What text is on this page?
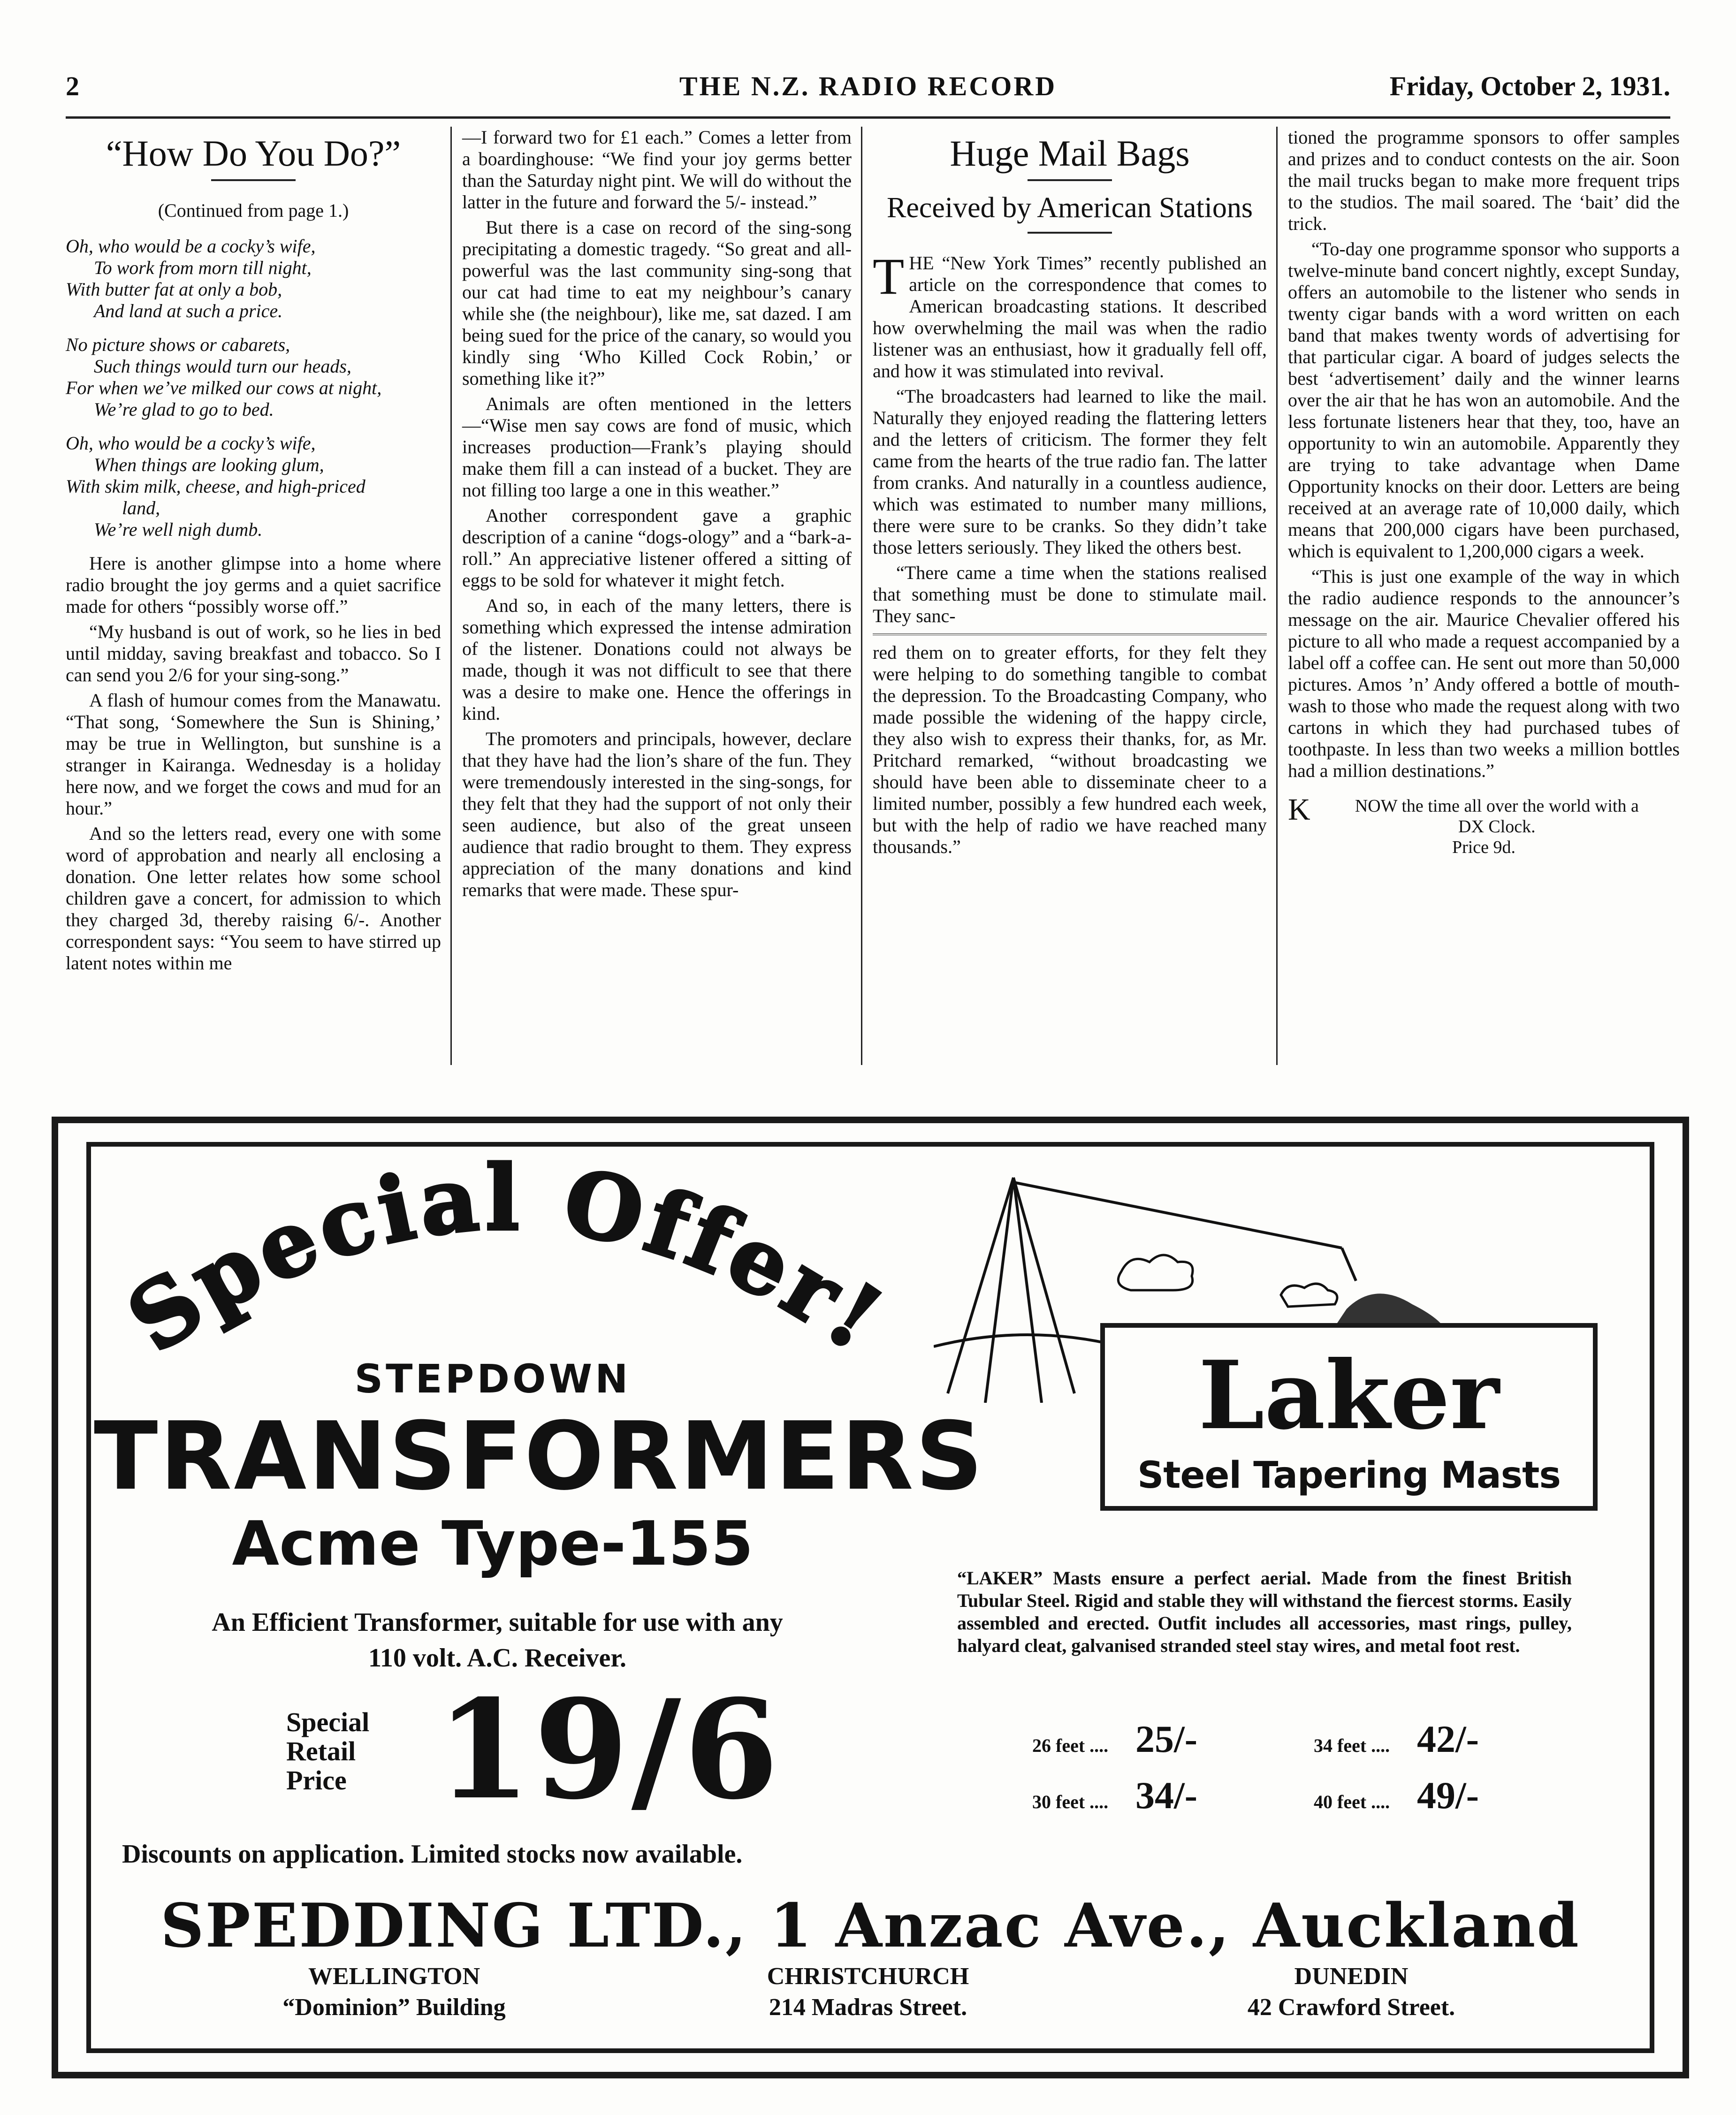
2	THE N.Z. RADIO RECORD	Friday, October 2, 1931.
“How Do You Do?”
(Continued from page 1.)
Oh, who would be a cocky’s wife,
To work from morn till night,
With butter fat at only a bob,
And land at such a price.
No picture shows or cabarets,
Such things would turn our heads,
For when we’ve milked our cows at night,
We’re glad to go to bed.
Oh, who would be a cocky’s wife,
When things are looking glum,
With skim milk, cheese, and high-priced
land,
We’re well nigh dumb.

Here is another glimpse into a home where radio brought the joy germs and a quiet sacrifice made for others “possibly worse off.”

“My husband is out of work, so he lies in bed until midday, saving breakfast and tobacco. So I can send you 2/6 for your sing-song.”

A flash of humour comes from the Manawatu. “That song, ‘Somewhere the Sun is Shining,’ may be true in Wellington, but sunshine is a stranger in Kairanga. Wednesday is a holiday here now, and we forget the cows and mud for an hour.”

And so the letters read, every one with some word of approbation and nearly all enclosing a donation. One letter relates how some school children gave a concert, for admission to which they charged 3d, thereby raising 6/-. Another correspondent says: “You seem to have stirred up latent notes within me

—I forward two for £1 each.” Comes a letter from a boardinghouse: “We find your joy germs better than the Saturday night pint. We will do without the latter in the future and forward the 5/- instead.”

But there is a case on record of the sing-song precipitating a domestic tragedy. “So great and all-powerful was the last community sing-song that our cat had time to eat my neighbour’s canary while she (the neighbour), like me, sat dazed. I am being sued for the price of the canary, so would you kindly sing ‘Who Killed Cock Robin,’ or something like it?”

Animals are often mentioned in the letters—“Wise men say cows are fond of music, which increases production—Frank’s playing should make them fill a can instead of a bucket. They are not filling too large a one in this weather.”

Another correspondent gave a graphic description of a canine “dogs-ology” and a “bark-a-roll.” An appreciative listener offered a sitting of eggs to be sold for whatever it might fetch.

And so, in each of the many letters, there is something which expressed the intense admiration of the listener. Donations could not always be made, though it was not difficult to see that there was a desire to make one. Hence the offerings in kind.

The promoters and principals, however, declare that they have had the lion’s share of the fun. They were tremendously interested in the sing-songs, for they felt that they had the support of not only their seen audience, but also of the great unseen audience that radio brought to them. They express appreciation of the many donations and kind remarks that were made. These spur-

Huge Mail Bags
Received by American Stations

THE “New York Times” recently published an article on the correspondence that comes to American broadcasting stations. It described how overwhelming the mail was when the radio listener was an enthusiast, how it gradually fell off, and how it was stimulated into revival.

“The broadcasters had learned to like the mail. Naturally they enjoyed reading the flattering letters and the letters of criticism. The former they felt came from the hearts of the true radio fan. The latter from cranks. And naturally in a countless audience, which was estimated to number many millions, there were sure to be cranks. So they didn’t take those letters seriously. They liked the others best.

“There came a time when the stations realised that something must be done to stimulate mail. They sanc-

red them on to greater efforts, for they felt they were helping to do something tangible to combat the depression. To the Broadcasting Company, who made possible the widening of the happy circle, they also wish to express their thanks, for, as Mr. Pritchard remarked, “without broadcasting we should have been able to disseminate cheer to a limited number, possibly a few hundred each week, but with the help of radio we have reached many thousands.”

tioned the programme sponsors to offer samples and prizes and to conduct contests on the air. Soon the mail trucks began to make more frequent trips to the studios. The mail soared. The ‘bait’ did the trick.

“To-day one programme sponsor who supports a twelve-minute band concert nightly, except Sunday, offers an automobile to the listener who sends in twenty cigar bands with a word written on each band that makes twenty words of advertising for that particular cigar. A board of judges selects the best ‘advertisement’ daily and the winner learns over the air that he has won an automobile. And the less fortunate listeners hear that they, too, have an opportunity to win an automobile. Apparently they are trying to take advantage when Dame Opportunity knocks on their door. Letters are being received at an average rate of 10,000 daily, which means that 200,000 cigars have been purchased, which is equivalent to 1,200,000 cigars a week.

“This is just one example of the way in which the radio audience responds to the announcer’s message on the air. Maurice Chevalier offered his picture to all who made a request accompanied by a label off a coffee can. He sent out more than 50,000 pictures. Amos ’n’ Andy offered a bottle of mouth-wash to those who made the request along with two cartons in which they had purchased tubes of toothpaste. In less than two weeks a million bottles had a million destinations.”

K	NOW the time all over the world with a
DX Clock.
Price 9d.
pecial Offer
STEPDOWN
TRANSFORMERS
Acme Type-155
An Efficient Transformer, suitable for use with any
110 volt. A.C. Receiver.
Special
Retail
Price 19/6
Discounts on application. Limited stocks now available.
Laker
Steel Tapering Masts
“LAKER” Masts ensure a perfect aerial. Made from the finest British Tubular Steel. Rigid and stable they will withstand the fiercest storms. Easily assembled and erected. Outfit includes all accessories, mast rings, pulley, halyard cleat, galvanised stranded steel stay wires, and metal foot rest.
26 feet .... 25/-	34 feet .... 42/-
30 feet .... 34/-	40 feet .... 49/-
SPEDDING LTD., 1 Anzac Ave., Auckland
WELLINGTON
“Dominion” Building
CHRISTCHURCH
214 Madras Street.
DUNEDIN
42 Crawford Street.
